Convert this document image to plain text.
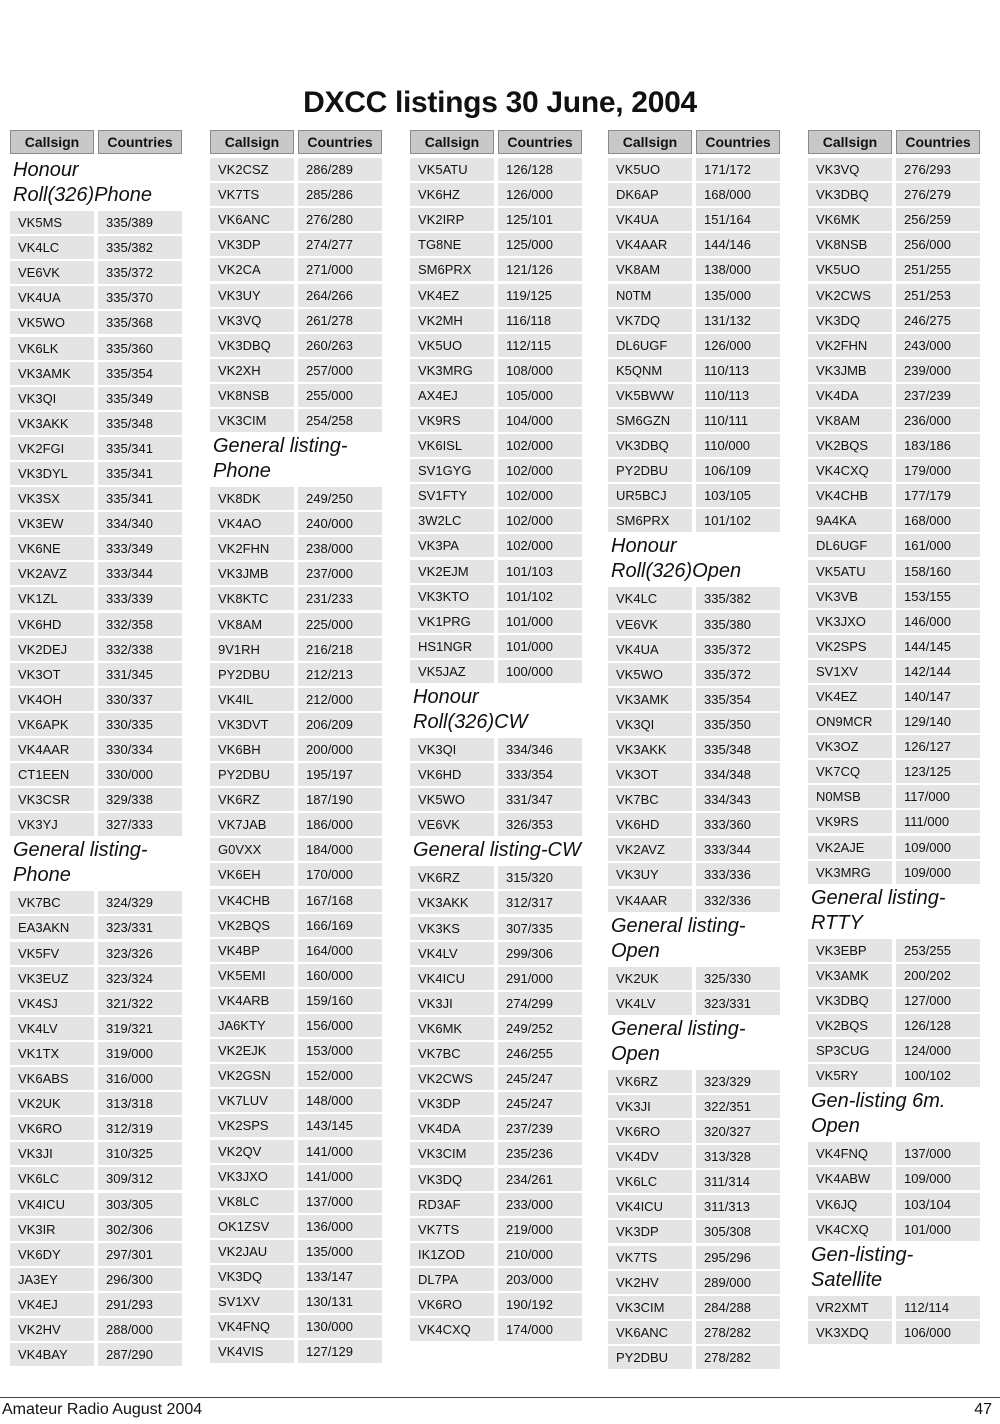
DXCC listings 30 June, 2004
Callsign	Countries
Honour Roll(326)Phone
VK5MS	335/389
VK4LC	335/382
VE6VK	335/372
VK4UA	335/370
VK5WO	335/368
VK6LK	335/360
VK3AMK	335/354
VK3QI	335/349
VK3AKK	335/348
VK2FGI	335/341
VK3DYL	335/341
VK3SX	335/341
VK3EW	334/340
VK6NE	333/349
VK2AVZ	333/344
VK1ZL	333/339
VK6HD	332/358
VK2DEJ	332/338
VK3OT	331/345
VK4OH	330/337
VK6APK	330/335
VK4AAR	330/334
CT1EEN	330/000
VK3CSR	329/338
VK3YJ	327/333
General listing-Phone
VK7BC	324/329
EA3AKN	323/331
VK5FV	323/326
VK3EUZ	323/324
VK4SJ	321/322
VK4LV	319/321
VK1TX	319/000
VK6ABS	316/000
VK2UK	313/318
VK6RO	312/319
VK3JI	310/325
VK6LC	309/312
VK4ICU	303/305
VK3IR	302/306
VK6DY	297/301
JA3EY	296/300
VK4EJ	291/293
VK2HV	288/000
VK4BAY	287/290
Callsign	Countries
VK2CSZ	286/289
VK7TS	285/286
VK6ANC	276/280
VK3DP	274/277
VK2CA	271/000
VK3UY	264/266
VK3VQ	261/278
VK3DBQ	260/263
VK2XH	257/000
VK8NSB	255/000
VK3CIM	254/258
General listing-Phone
VK8DK	249/250
VK4AO	240/000
VK2FHN	238/000
VK3JMB	237/000
VK8KTC	231/233
VK8AM	225/000
9V1RH	216/218
PY2DBU	212/213
VK4IL	212/000
VK3DVT	206/209
VK6BH	200/000
PY2DBU	195/197
VK6RZ	187/190
VK7JAB	186/000
G0VXX	184/000
VK6EH	170/000
VK4CHB	167/168
VK2BQS	166/169
VK4BP	164/000
VK5EMI	160/000
VK4ARB	159/160
JA6KTY	156/000
VK2EJK	153/000
VK2GSN	152/000
VK7LUV	148/000
VK2SPS	143/145
VK2QV	141/000
VK3JXO	141/000
VK8LC	137/000
OK1ZSV	136/000
VK2JAU	135/000
VK3DQ	133/147
SV1XV	130/131
VK4FNQ	130/000
VK4VIS	127/129
Callsign	Countries
VK5ATU	126/128
VK6HZ	126/000
VK2IRP	125/101
TG8NE	125/000
SM6PRX	121/126
VK4EZ	119/125
VK2MH	116/118
VK5UO	112/115
VK3MRG	108/000
AX4EJ	105/000
VK9RS	104/000
VK6ISL	102/000
SV1GYG	102/000
SV1FTY	102/000
3W2LC	102/000
VK3PA	102/000
VK2EJM	101/103
VK3KTO	101/102
VK1PRG	101/000
HS1NGR	101/000
VK5JAZ	100/000
Honour Roll(326)CW
VK3QI	334/346
VK6HD	333/354
VK5WO	331/347
VE6VK	326/353
General listing-CW
VK6RZ	315/320
VK3AKK	312/317
VK3KS	307/335
VK4LV	299/306
VK4ICU	291/000
VK3JI	274/299
VK6MK	249/252
VK7BC	246/255
VK2CWS	245/247
VK3DP	245/247
VK4DA	237/239
VK3CIM	235/236
VK3DQ	234/261
RD3AF	233/000
VK7TS	219/000
IK1ZOD	210/000
DL7PA	203/000
VK6RO	190/192
VK4CXQ	174/000
Callsign	Countries
VK5UO	171/172
DK6AP	168/000
VK4UA	151/164
VK4AAR	144/146
VK8AM	138/000
N0TM	135/000
VK7DQ	131/132
DL6UGF	126/000
K5QNM	110/113
VK5BWW	110/113
SM6GZN	110/111
VK3DBQ	110/000
PY2DBU	106/109
UR5BCJ	103/105
SM6PRX	101/102
Honour Roll(326)Open
VK4LC	335/382
VE6VK	335/380
VK4UA	335/372
VK5WO	335/372
VK3AMK	335/354
VK3QI	335/350
VK3AKK	335/348
VK3OT	334/348
VK7BC	334/343
VK6HD	333/360
VK2AVZ	333/344
VK3UY	333/336
VK4AAR	332/336
General listing-Open
VK2UK	325/330
VK4LV	323/331
General listing-Open
VK6RZ	323/329
VK3JI	322/351
VK6RO	320/327
VK4DV	313/328
VK6LC	311/314
VK4ICU	311/313
VK3DP	305/308
VK7TS	295/296
VK2HV	289/000
VK3CIM	284/288
VK6ANC	278/282
PY2DBU	278/282
Callsign	Countries
VK3VQ	276/293
VK3DBQ	276/279
VK6MK	256/259
VK8NSB	256/000
VK5UO	251/255
VK2CWS	251/253
VK3DQ	246/275
VK2FHN	243/000
VK3JMB	239/000
VK4DA	237/239
VK8AM	236/000
VK2BQS	183/186
VK4CXQ	179/000
VK4CHB	177/179
9A4KA	168/000
DL6UGF	161/000
VK5ATU	158/160
VK3VB	153/155
VK3JXO	146/000
VK2SPS	144/145
SV1XV	142/144
VK4EZ	140/147
ON9MCR	129/140
VK3OZ	126/127
VK7CQ	123/125
N0MSB	117/000
VK9RS	111/000
VK2AJE	109/000
VK3MRG	109/000
General listing-RTTY
VK3EBP	253/255
VK3AMK	200/202
VK3DBQ	127/000
VK2BQS	126/128
SP3CUG	124/000
VK5RY	100/102
Gen-listing 6m. Open
VK4FNQ	137/000
VK4ABW	109/000
VK6JQ	103/104
VK4CXQ	101/000
Gen-listing-Satellite
VR2XMT	112/114
VK3XDQ	106/000
Amateur Radio August 2004	47
